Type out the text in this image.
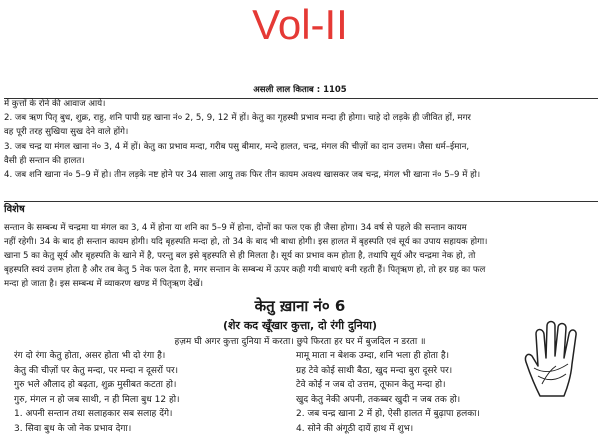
Vol-II
असली लाल किताब : 1105

में कुत्तों के रोने की आवाज आये।

2. जब ऋण पितृ बुध, शुक्र, राहु, शनि पापी ग्रह खाना नं० 2, 5, 9, 12 में हों। केतु का गृहस्थी प्रभाव मन्दा ही होगा। चाहे दो लड़के ही जीवित हों, मगर

वह पूरी तरह सुखिया सुख देने वाले होंगे।

3. जब चन्द्र या मंगल खाना नं० 3, 4 में हों। केतु का प्रभाव मन्दा, गरीब पसु बीमार, मन्दे हालत, चन्द्र, मंगल की चीज़ों का दान उत्तम। जैसा धर्म–ईमान,

वैसी ही सन्तान की हालत।

4. जब शनि खाना नं० 5–9 में हो। तीन लड़के नष्ट होने पर 34 साला आयु तक फिर तीन कायम अवश्य खासकर जब चन्द्र, मंगल भी खाना नं० 5–9 में हो।

विशेष

सन्तान के सम्बन्ध में चन्द्रमा या मंगल का 3, 4 में होना या शनि का 5–9 में होना, दोनों का फल एक ही जैसा होगा। 34 वर्ष से पहले की सन्तान कायम

नहीं रहेगी। 34 के बाद ही सन्तान कायम होगी। यदि बृहस्पति मन्दा हो, तो 34 के बाद भी बाधा होगी। इस हालत में बृहस्पति एवं सूर्य का उपाय सहायक होगा।

खाना 5 का केतु सूर्य और बृहस्पति के खाने में है, परन्तु बल इसे बृहस्पति से ही मिलता है। सूर्य का प्रभाव कम होता है, तथापि सूर्य और चन्द्रमा नेक हो, तो

बृहस्पति स्वयं उत्तम होता है और तब केतु 5 नेक फल देता है, मगर सन्तान के सम्बन्ध में ऊपर कही गयी बाधाएं बनी रहती हैं। पितृऋण हो, तो हर ग्रह का फल

मन्दा हो जाता है। इस सम्बन्ध में व्याकरण खण्ड में पितृऋण देखें।

केतु ख़ाना नं० 6
(शेर कद खूँखार कुत्ता, दो रंगी दुनिया)
हज़म घी अगर कुत्ता दुनिया में करता। छुपे फिरता हर घर में बुजदिल न डरता ॥
रंग दो रंगा केतु होता, असर होता भी दो रंगा है।
केतु की चीज़ों पर केतु मन्दा, पर मन्दा न दूसरों पर।
गुरु भले औलाद हो बढ़ता, शुक्र मुसीबत कटता हो।
गुरु, मंगल न हो जब साथी, न ही मिला बुध 12 हो।
1. अपनी सन्तान तथा सलाहकार सब सलाह देंगे।
3. सिवा बुध के जो नेक प्रभाव देगा।
मामू माता न बेशक उम्दा, शनि भला ही होता है।
ग्रह टेवे कोई साथी बैठा, खुद मन्दा बुरा दूसरे पर।
टेवे कोई न जब दो उत्तम, तूफान केतु मन्दा हो।
खुद केतु नेकी अपनी, तकब्बर खुदी न जब तक हो।
2. जब चन्द्र खाना 2 में हो, ऐसी हालत में बुढ़ापा हलका।
4. सोने की अंगूठी दायें हाथ में शुभ।
